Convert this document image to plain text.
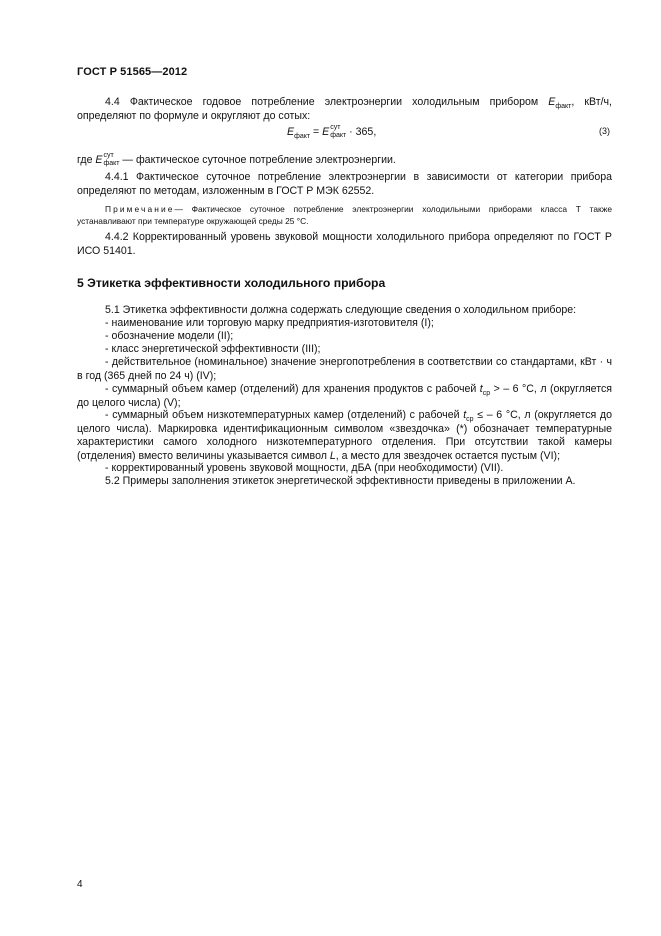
ГОСТ Р 51565—2012
4.4 Фактическое годовое потребление электроэнергии холодильным прибором $E_{факт}$, кВт/ч, определяют по формуле и округляют до сотых:
$E_{факт} = E$ сут
факт · 365,	(3)
где E сут
факт — фактическое суточное потребление электроэнергии.
4.4.1 Фактическое суточное потребление электроэнергии в зависимости от категории прибора определяют по методам, изложенным в ГОСТ Р МЭК 62552.
Примечание— Фактическое суточное потребление электроэнергии холодильными приборами класса Т также устанавливают при температуре окружающей среды 25 °С.
4.4.2 Корректированный уровень звуковой мощности холодильного прибора определяют по ГОСТ Р ИСО 51401.
5 Этикетка эффективности холодильного прибора
5.1 Этикетка эффективности должна содержать следующие сведения о холодильном приборе:
- наименование или торговую марку предприятия-изготовителя (I);
- обозначение модели (II);
- класс энергетической эффективности (III);
- действительное (номинальное) значение энергопотребления в соответствии со стандартами, кВт · ч в год (365 дней по 24 ч) (IV);
- суммарный объем камер (отделений) для хранения продуктов с рабочей $t_{ср}$ > – 6 °С, л (округляется до целого числа) (V);
- суммарный объем низкотемпературных камер (отделений) с рабочей $t_{ср}$ ≤ – 6 °С, л (округляется до целого числа). Маркировка идентификационным символом «звездочка» (*) обозначает температурные характеристики самого холодного низкотемпературного отделения. При отсутствии такой камеры (отделения) вместо величины указывается символ L, а место для звездочек остается пустым (VI);
- корректированный уровень звуковой мощности, дБА (при необходимости) (VII).
5.2 Примеры заполнения этикеток энергетической эффективности приведены в приложении А.
4
